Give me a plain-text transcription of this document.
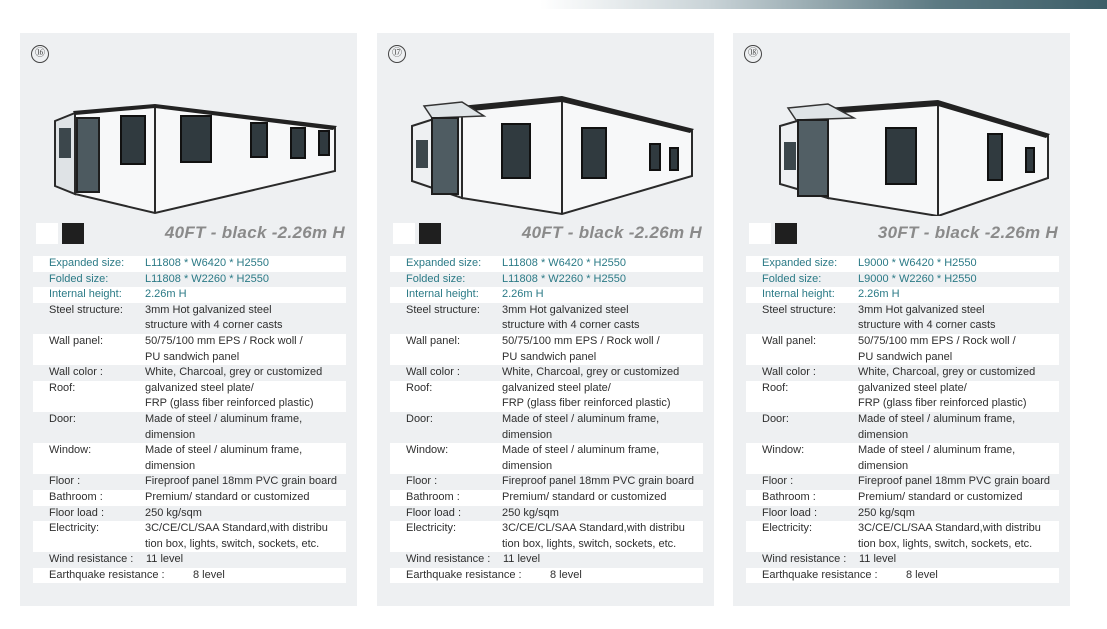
⑯
40FT - black -2.26m H
Expanded size:	L11808 * W6420 * H2550
Folded size:	L11808 * W2260 * H2550
Internal height:	2.26m H
Steel structure:	3mm Hot galvanized steel
structure with 4 corner casts
Wall panel:	50/75/100 mm EPS / Rock woll /
PU sandwich panel
Wall color :	White, Charcoal, grey or customized
Roof:	galvanized steel plate/
FRP (glass fiber reinforced plastic)
Door:	Made of steel / aluminum frame,
dimension
Window:	Made of steel / aluminum frame,
dimension
Floor :	Fireproof panel 18mm PVC grain board
Bathroom :	Premium/ standard or customized
Floor load :	250 kg/sqm
Electricity:	3C/CE/CL/SAA Standard,with distribu
tion box, lights, switch, sockets, etc.
Wind resistance :	11 level
Earthquake resistance :	8 level
⑰
40FT - black -2.26m H
Expanded size:	L11808 * W6420 * H2550
Folded size:	L11808 * W2260 * H2550
Internal height:	2.26m H
Steel structure:	3mm Hot galvanized steel
structure with 4 corner casts
Wall panel:	50/75/100 mm EPS / Rock woll /
PU sandwich panel
Wall color :	White, Charcoal, grey or customized
Roof:	galvanized steel plate/
FRP (glass fiber reinforced plastic)
Door:	Made of steel / aluminum frame,
dimension
Window:	Made of steel / aluminum frame,
dimension
Floor :	Fireproof panel 18mm PVC grain board
Bathroom :	Premium/ standard or customized
Floor load :	250 kg/sqm
Electricity:	3C/CE/CL/SAA Standard,with distribu
tion box, lights, switch, sockets, etc.
Wind resistance :	11 level
Earthquake resistance :	8 level
⑱
30FT - black -2.26m H
Expanded size:	L9000 * W6420 * H2550
Folded size:	L9000 * W2260 * H2550
Internal height:	2.26m H
Steel structure:	3mm Hot galvanized steel
structure with 4 corner casts
Wall panel:	50/75/100 mm EPS / Rock woll /
PU sandwich panel
Wall color :	White, Charcoal, grey or customized
Roof:	galvanized steel plate/
FRP (glass fiber reinforced plastic)
Door:	Made of steel / aluminum frame,
dimension
Window:	Made of steel / aluminum frame,
dimension
Floor :	Fireproof panel 18mm PVC grain board
Bathroom :	Premium/ standard or customized
Floor load :	250 kg/sqm
Electricity:	3C/CE/CL/SAA Standard,with distribu
tion box, lights, switch, sockets, etc.
Wind resistance :	11 level
Earthquake resistance :	8 level
